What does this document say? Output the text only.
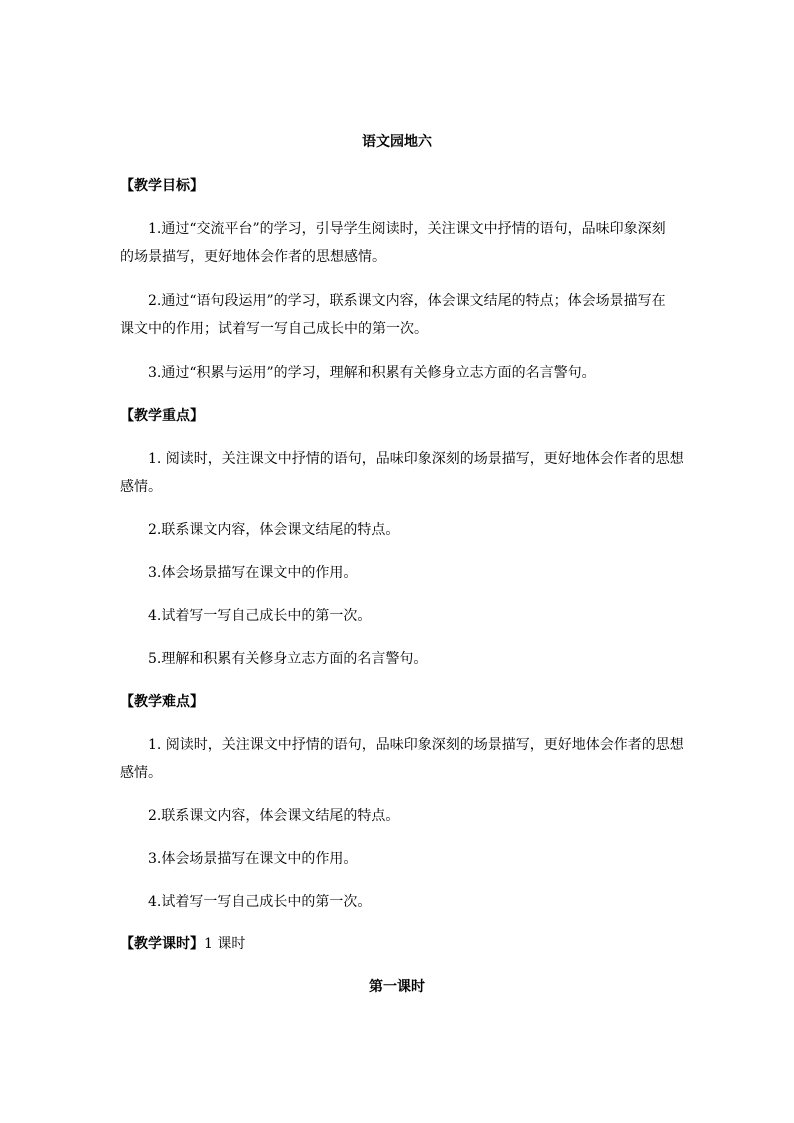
语文园地六
【教学目标】
1.通过“交流平台”的学习，引导学生阅读时，关注课文中抒情的语句，品味印象深刻
的场景描写，更好地体会作者的思想感情。
2.通过“语句段运用”的学习，联系课文内容，体会课文结尾的特点；体会场景描写在
课文中的作用；试着写一写自己成长中的第一次。
3.通过“积累与运用”的学习，理解和积累有关修身立志方面的名言警句。
【教学重点】
1. 阅读时，关注课文中抒情的语句，品味印象深刻的场景描写，更好地体会作者的思想
感情。
2.联系课文内容，体会课文结尾的特点。
3.体会场景描写在课文中的作用。
4.试着写一写自己成长中的第一次。
5.理解和积累有关修身立志方面的名言警句。
【教学难点】
1. 阅读时，关注课文中抒情的语句，品味印象深刻的场景描写，更好地体会作者的思想
感情。
2.联系课文内容，体会课文结尾的特点。
3.体会场景描写在课文中的作用。
4.试着写一写自己成长中的第一次。
【教学课时】1 课时
第一课时
